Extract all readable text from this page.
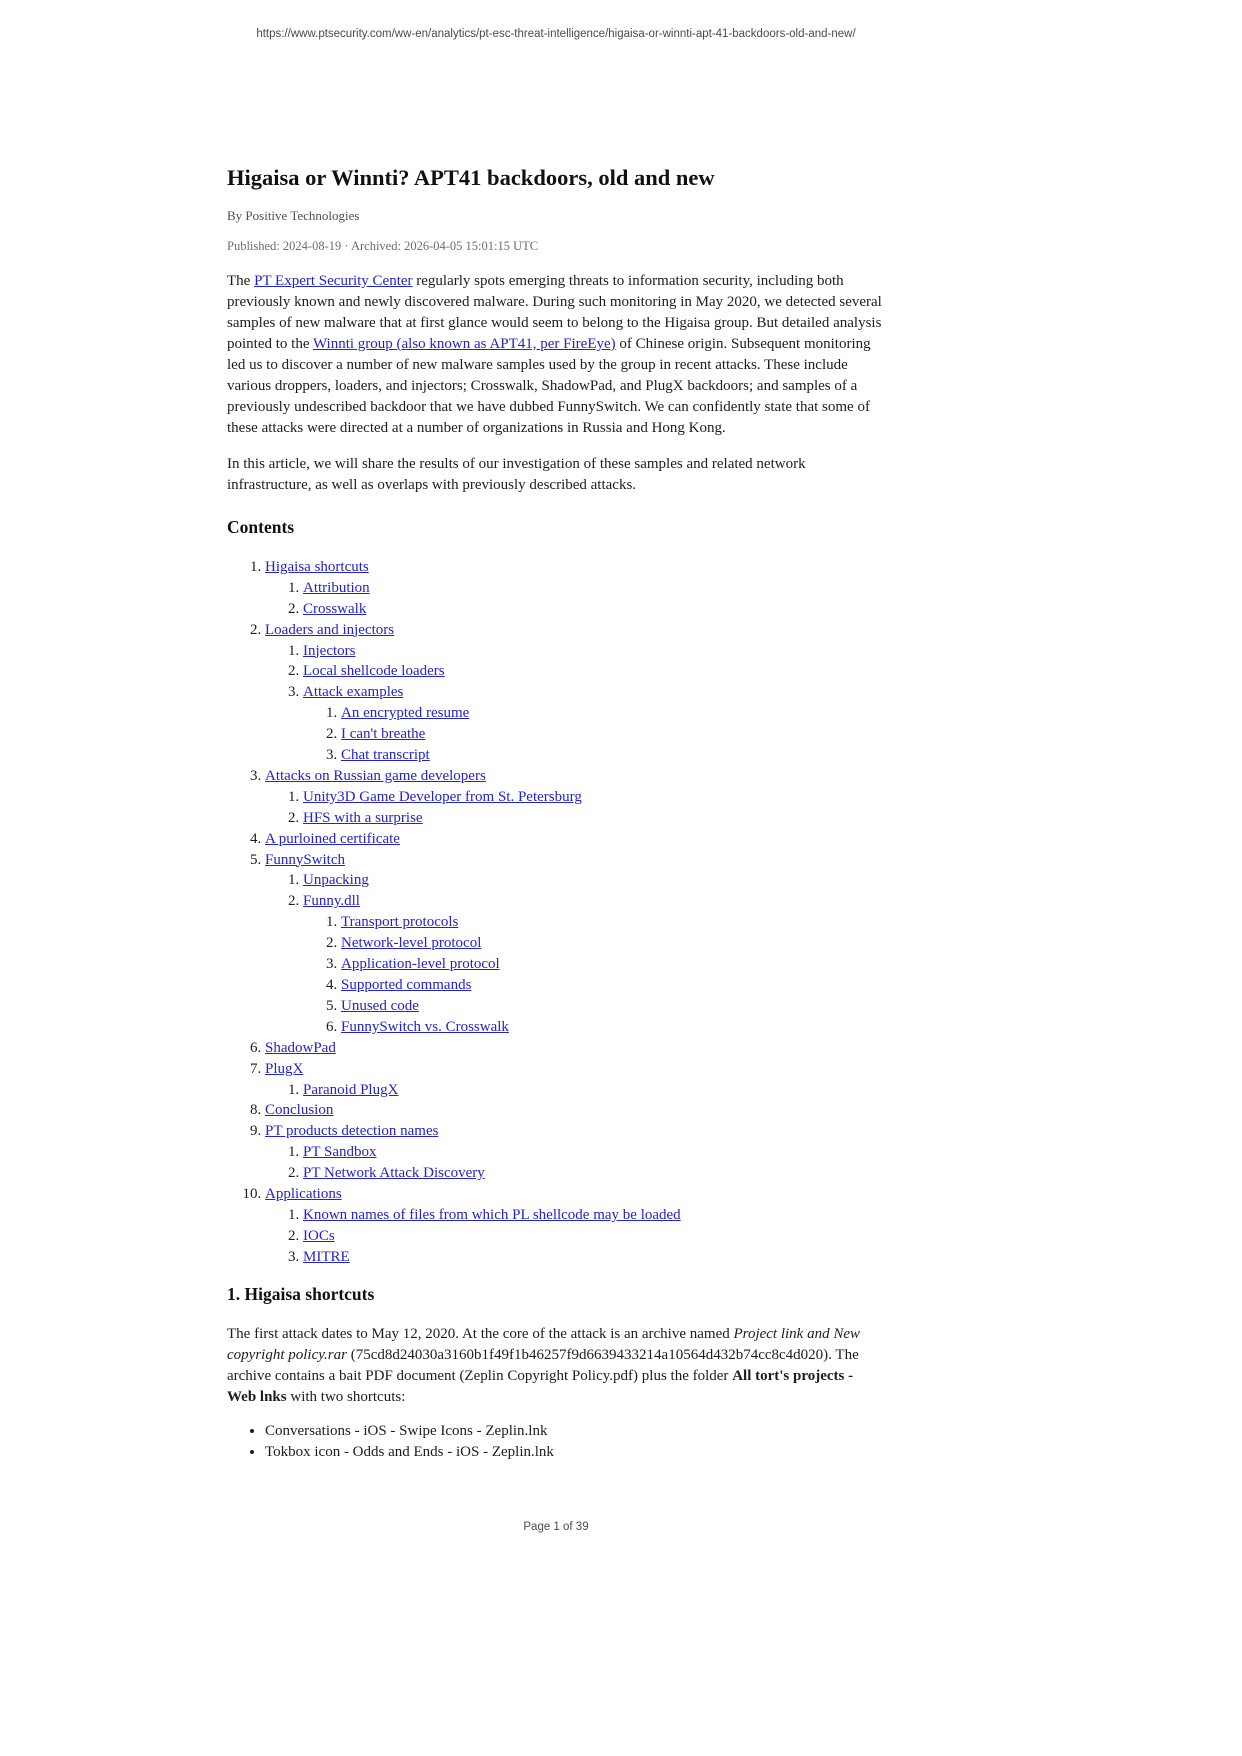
https://www.ptsecurity.com/ww-en/analytics/pt-esc-threat-intelligence/higaisa-or-winnti-apt-41-backdoors-old-and-new/
Higaisa or Winnti? APT41 backdoors, old and new
By Positive Technologies
Published: 2024-08-19 · Archived: 2026-04-05 15:01:15 UTC

The PT Expert Security Center regularly spots emerging threats to information security, including both previously known and newly discovered malware. During such monitoring in May 2020, we detected several samples of new malware that at first glance would seem to belong to the Higaisa group. But detailed analysis pointed to the Winnti group (also known as APT41, per FireEye) of Chinese origin. Subsequent monitoring led us to discover a number of new malware samples used by the group in recent attacks. These include various droppers, loaders, and injectors; Crosswalk, ShadowPad, and PlugX backdoors; and samples of a previously undescribed backdoor that we have dubbed FunnySwitch. We can confidently state that some of these attacks were directed at a number of organizations in Russia and Hong Kong.

In this article, we will share the results of our investigation of these samples and related network infrastructure, as well as overlaps with previously described attacks.

Contents
1. Higaisa shortcuts
1. Attribution
2. Crosswalk
2. Loaders and injectors
1. Injectors
2. Local shellcode loaders
3. Attack examples
1. An encrypted resume
2. I can't breathe
3. Chat transcript
3. Attacks on Russian game developers
1. Unity3D Game Developer from St. Petersburg
2. HFS with a surprise
4. A purloined certificate
5. FunnySwitch
1. Unpacking
2. Funny.dll
1. Transport protocols
2. Network-level protocol
3. Application-level protocol
4. Supported commands
5. Unused code
6. FunnySwitch vs. Crosswalk
6. ShadowPad
7. PlugX
1. Paranoid PlugX
8. Conclusion
9. PT products detection names
1. PT Sandbox
2. PT Network Attack Discovery
10. Applications
1. Known names of files from which PL shellcode may be loaded
2. IOCs
3. MITRE
1. Higaisa shortcuts

The first attack dates to May 12, 2020. At the core of the attack is an archive named Project link and New copyright policy.rar (75cd8d24030a3160b1f49f1b46257f9d6639433214a10564d432b74cc8c4d020). The archive contains a bait PDF document (Zeplin Copyright Policy.pdf) plus the folder All tort's projects - Web lnks with two shortcuts:

• Conversations - iOS - Swipe Icons - Zeplin.lnk
• Tokbox icon - Odds and Ends - iOS - Zeplin.lnk
Page 1 of 39
